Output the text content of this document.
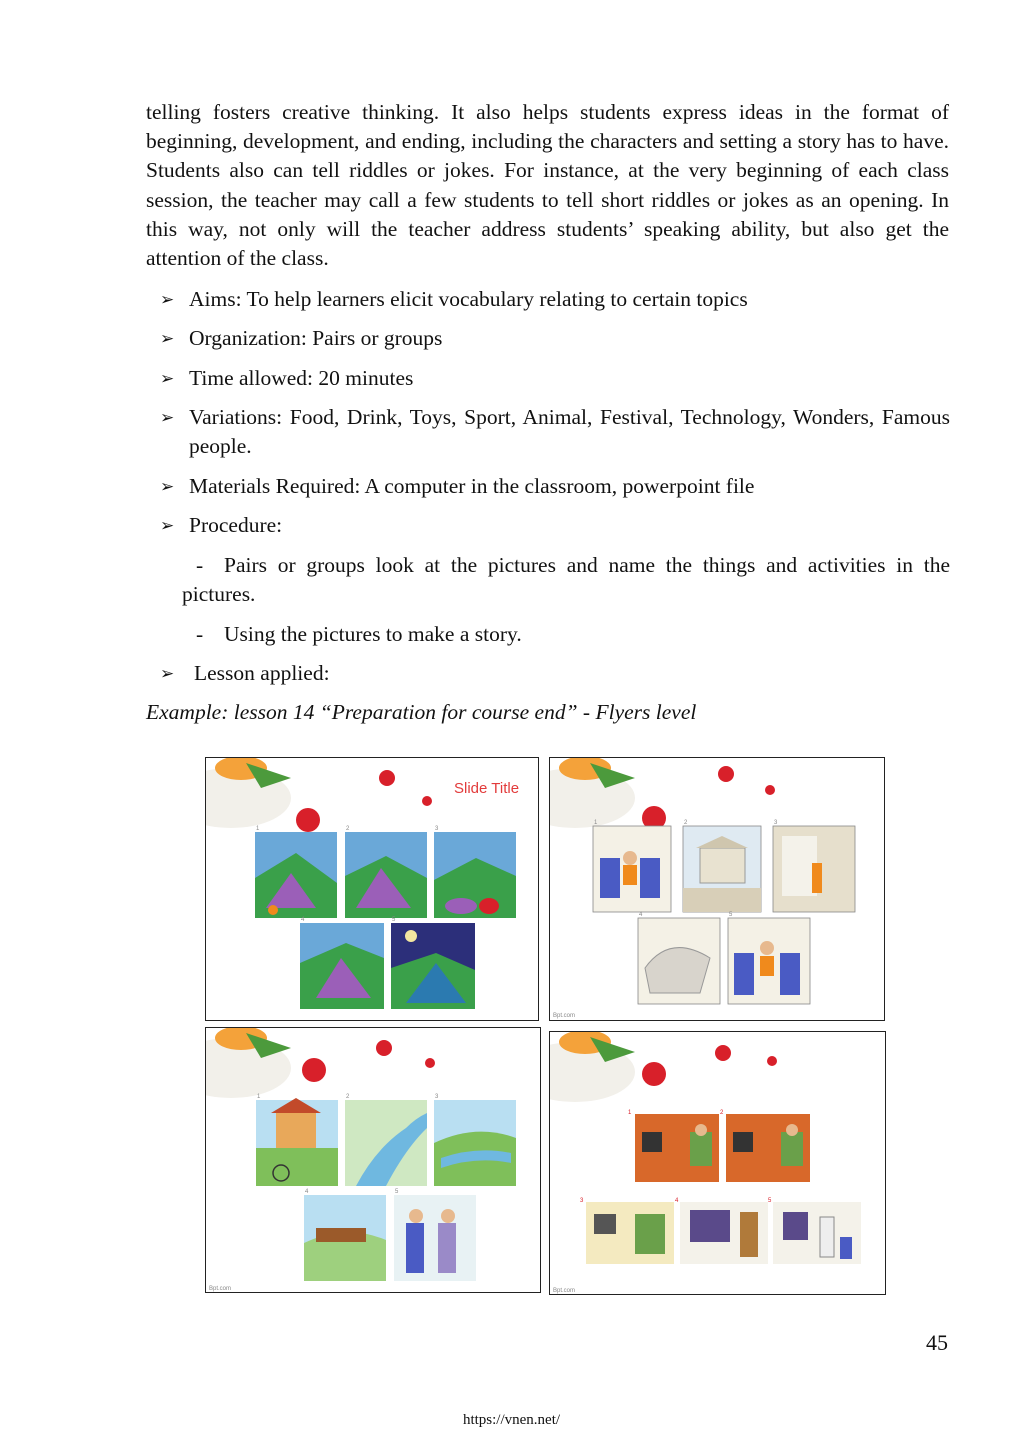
telling fosters creative thinking. It also helps students express ideas in the format of beginning, development, and ending, including the characters and setting a story has to have. Students also can tell riddles or jokes. For instance, at the very beginning of each class session, the teacher may call a few students to tell short riddles or jokes as an opening. In this way, not only will the teacher address students’ speaking ability, but also get the attention of the class.

➢ Aims: To help learners elicit vocabulary relating to certain topics
➢ Organization: Pairs or groups
➢ Time allowed: 20 minutes
➢ Variations: Food, Drink, Toys, Sport, Animal, Festival, Technology, Wonders, Famous people.
➢ Materials Required: A computer in the classroom, powerpoint file
➢ Procedure:

- Pairs or groups look at the pictures and name the things and activities in the pictures.

- Using the pictures to make a story.

➢ Lesson applied:

Example: lesson 14 “Preparation for course end” - Flyers level

Slide Title
1	2	3
4	5
1	2	3
4	5
Bpt.com
1	2	3
4	5
Bpt.com
1	2
3	4	5
Bpt.com
45
https://vnen.net/
